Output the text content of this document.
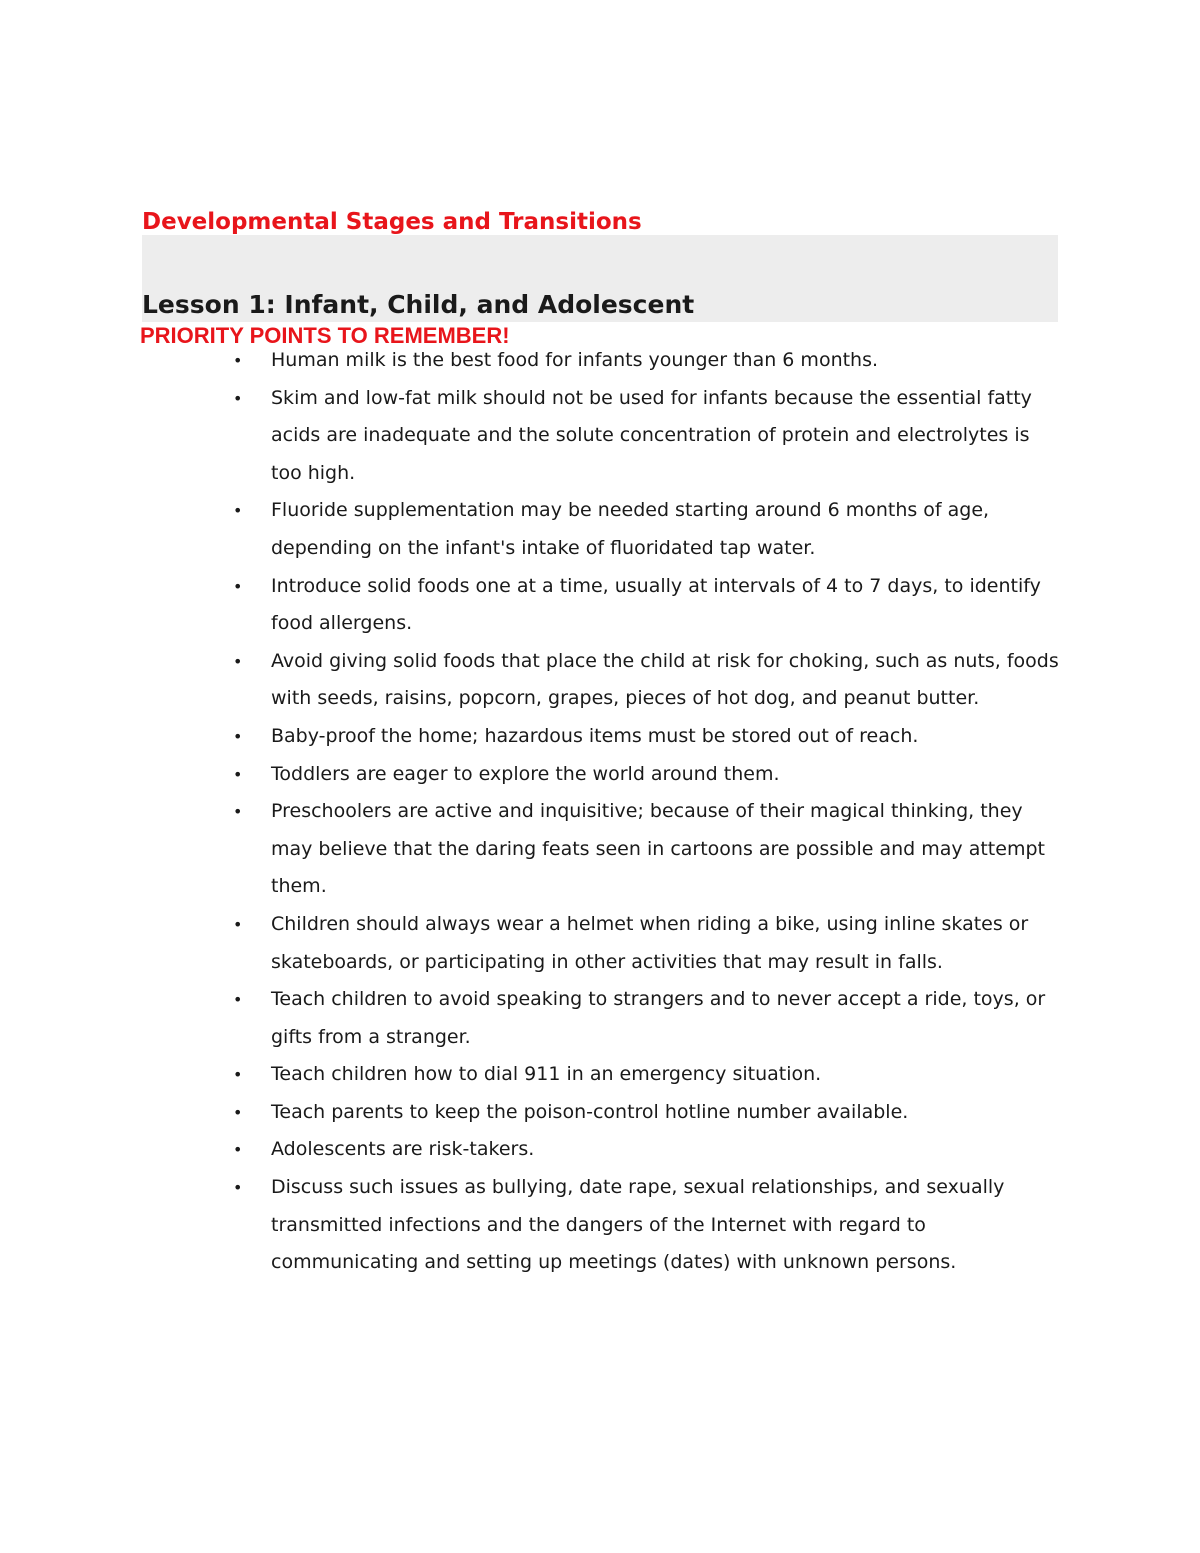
Developmental Stages and Transitions
Lesson 1: Infant, Child, and Adolescent
PRIORITY POINTS TO REMEMBER!
• Human milk is the best food for infants younger than 6 months.
• Skim and low-fat milk should not be used for infants because the essential fatty acids are inadequate and the solute concentration of protein and electrolytes is too high.
• Fluoride supplementation may be needed starting around 6 months of age, depending on the infant's intake of fluoridated tap water.
• Introduce solid foods one at a time, usually at intervals of 4 to 7 days, to identify food allergens.
• Avoid giving solid foods that place the child at risk for choking, such as nuts, foods with seeds, raisins, popcorn, grapes, pieces of hot dog, and peanut butter.
• Baby-proof the home; hazardous items must be stored out of reach.
• Toddlers are eager to explore the world around them.
• Preschoolers are active and inquisitive; because of their magical thinking, they may believe that the daring feats seen in cartoons are possible and may attempt them.
• Children should always wear a helmet when riding a bike, using inline skates or skateboards, or participating in other activities that may result in falls.
• Teach children to avoid speaking to strangers and to never accept a ride, toys, or gifts from a stranger.
• Teach children how to dial 911 in an emergency situation.
• Teach parents to keep the poison-control hotline number available.
• Adolescents are risk-takers.
• Discuss such issues as bullying, date rape, sexual relationships, and sexually transmitted infections and the dangers of the Internet with regard to communicating and setting up meetings (dates) with unknown persons.
